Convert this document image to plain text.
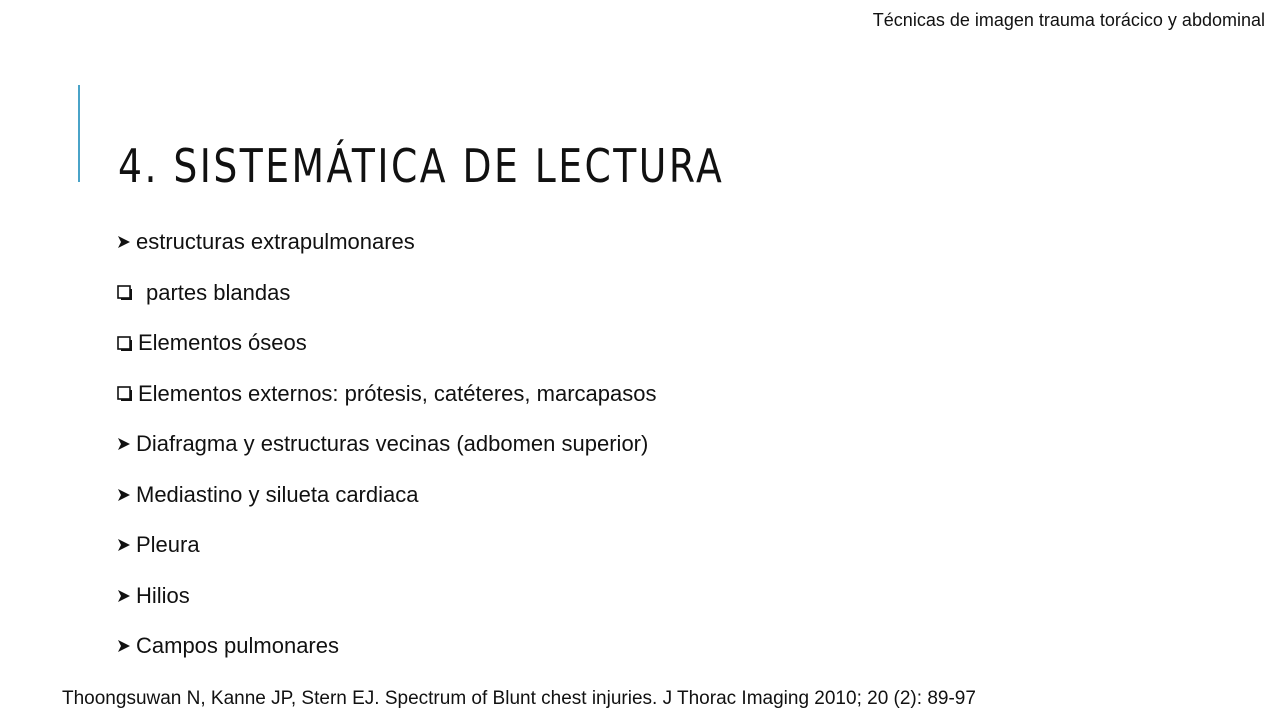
Técnicas de imagen trauma torácico y abdominal
4. SISTEMÁTICA DE LECTURA
estructuras extrapulmonares
partes blandas
Elementos óseos
Elementos externos: prótesis, catéteres, marcapasos
Diafragma y estructuras vecinas (adbomen superior)
Mediastino y silueta cardiaca
Pleura
Hilios
Campos pulmonares
Thoongsuwan N, Kanne JP, Stern EJ. Spectrum of Blunt chest injuries. J Thorac Imaging 2010; 20 (2): 89-97
